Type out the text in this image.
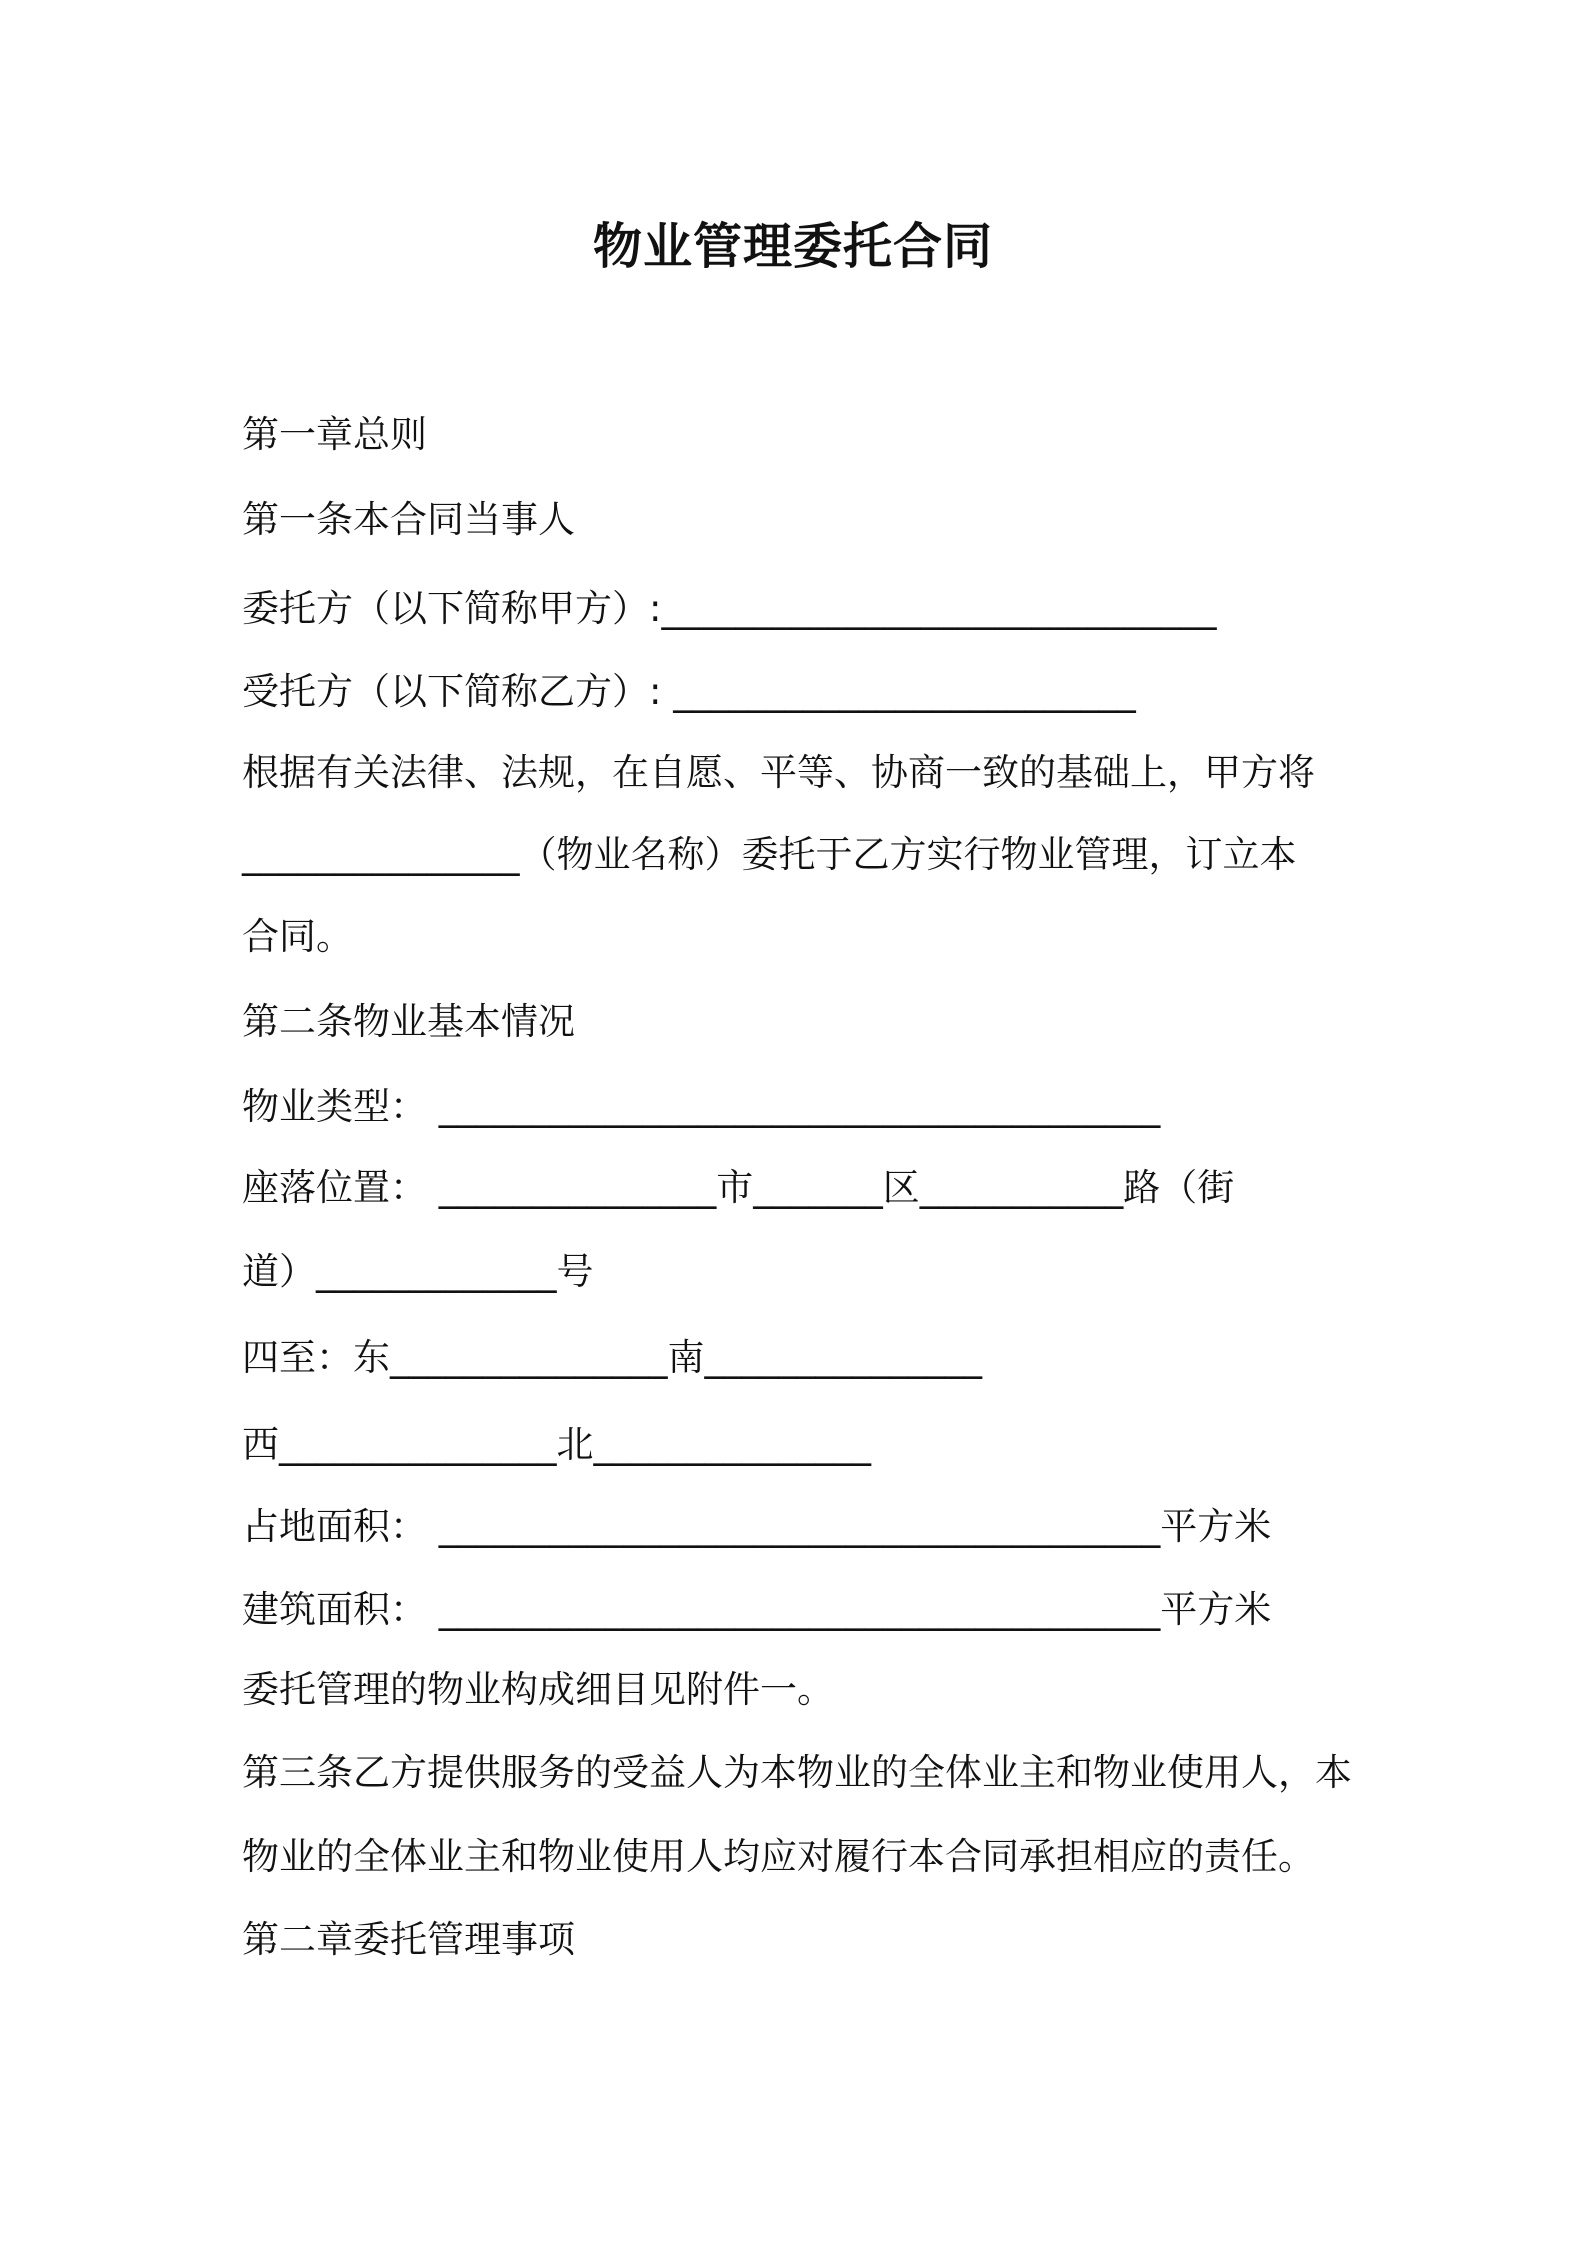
物业管理委托合同
第一章总则
第一条本合同当事人
委托方（以下简称甲方）:______________________________
受托方（以下简称乙方）: _________________________
根据有关法律、法规，在自愿、平等、协商一致的基础上，甲方将
_______________（物业名称）委托于乙方实行物业管理，订立本
合同。
第二条物业基本情况
物业类型： _______________________________________
座落位置： _______________市_______区___________路（街
道）_____________号
四至：东_______________南_______________
西_______________北_______________
占地面积： _______________________________________平方米
建筑面积： _______________________________________平方米
委托管理的物业构成细目见附件一。
第三条乙方提供服务的受益人为本物业的全体业主和物业使用人，本
物业的全体业主和物业使用人均应对履行本合同承担相应的责任。
第二章委托管理事项
